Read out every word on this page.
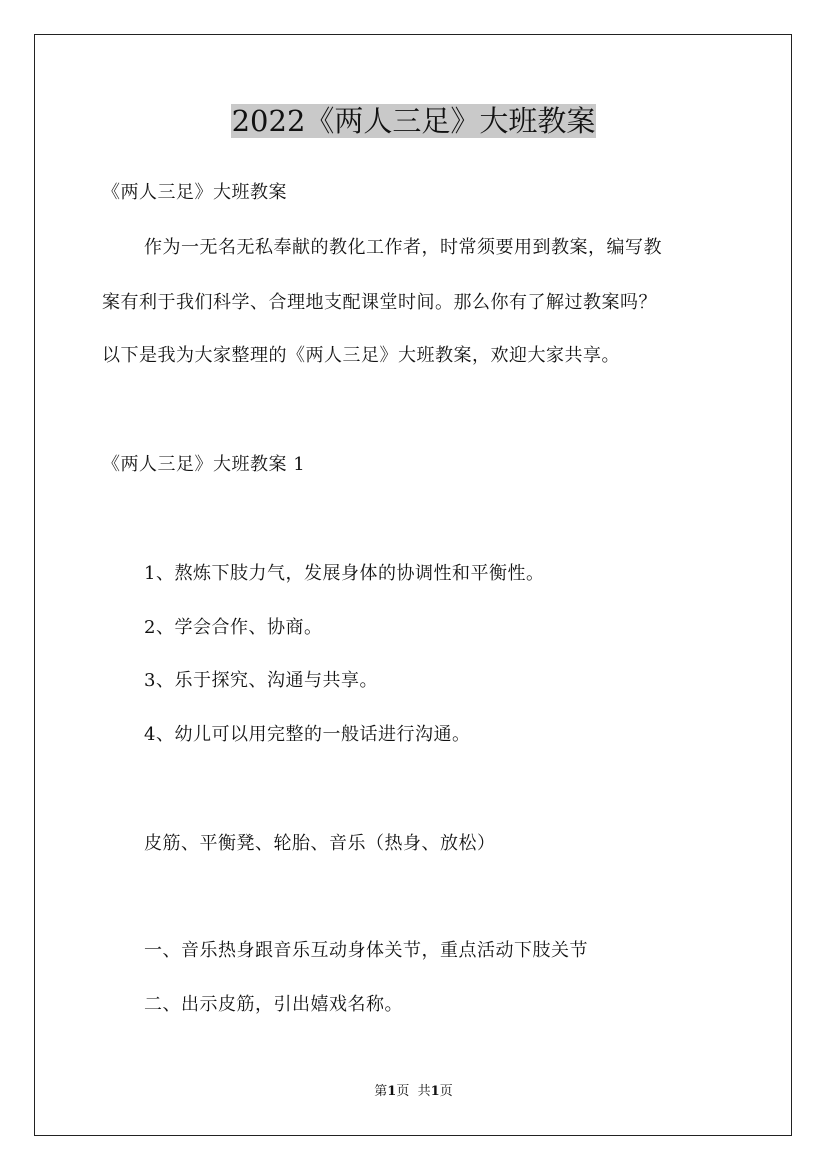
2022《两人三足》大班教案
《两人三足》大班教案
作为一无名无私奉献的教化工作者，时常须要用到教案，编写教
案有利于我们科学、合理地支配课堂时间。那么你有了解过教案吗？
以下是我为大家整理的《两人三足》大班教案，欢迎大家共享。
《两人三足》大班教案 1
1、熬炼下肢力气，发展身体的协调性和平衡性。
2、学会合作、协商。
3、乐于探究、沟通与共享。
4、幼儿可以用完整的一般话进行沟通。
皮筋、平衡凳、轮胎、音乐（热身、放松）
一、音乐热身跟音乐互动身体关节，重点活动下肢关节
二、出示皮筋，引出嬉戏名称。
第1页 共1页
